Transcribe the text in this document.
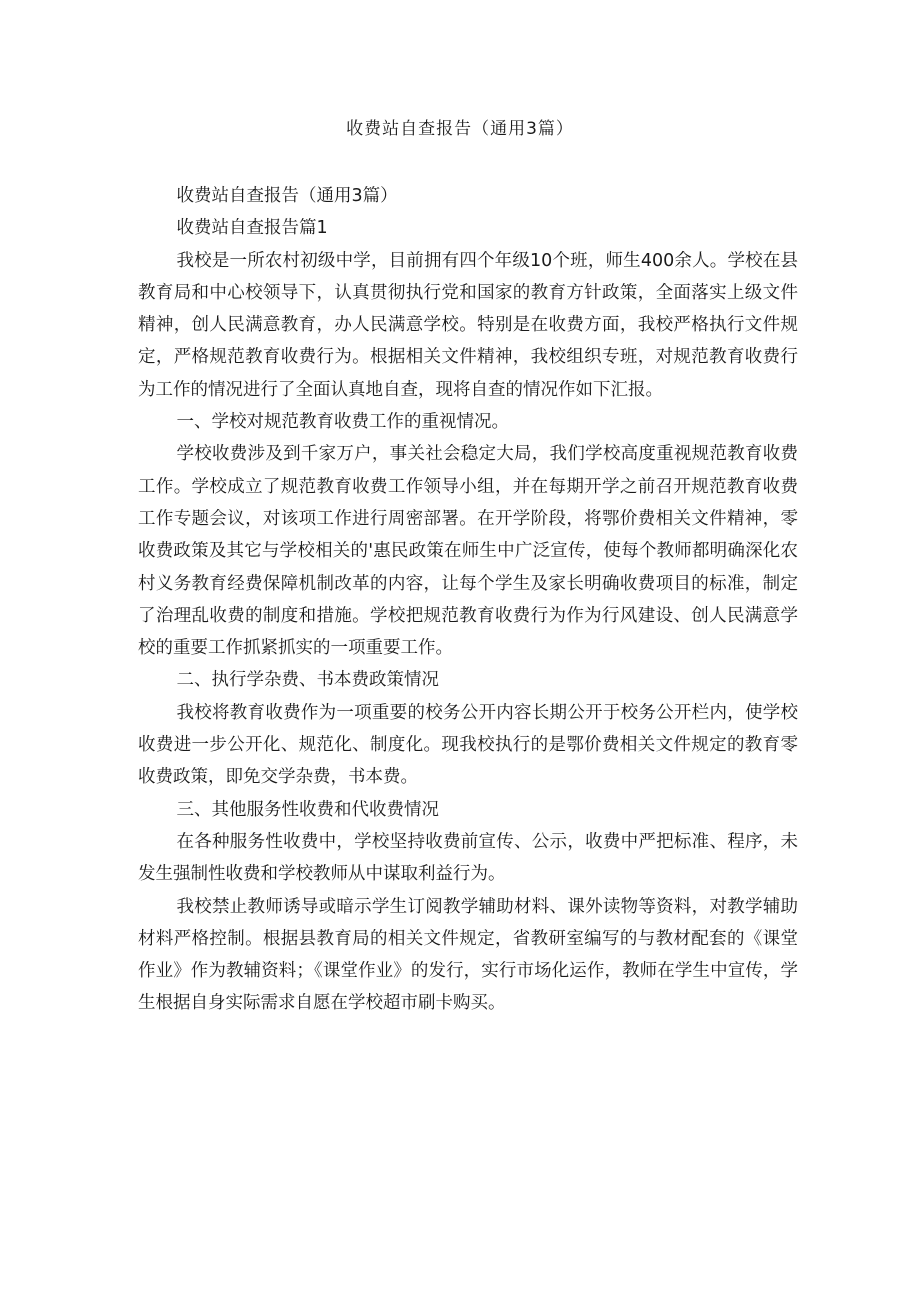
收费站自查报告（通用3篇）

收费站自查报告（通用3篇）

收费站自查报告篇1

我校是一所农村初级中学，目前拥有四个年级10个班，师生400余人。学校在县教育局和中心校领导下，认真贯彻执行党和国家的教育方针政策，全面落实上级文件精神，创人民满意教育，办人民满意学校。特别是在收费方面，我校严格执行文件规定，严格规范教育收费行为。根据相关文件精神，我校组织专班，对规范教育收费行为工作的情况进行了全面认真地自查，现将自查的情况作如下汇报。

一、学校对规范教育收费工作的重视情况。

学校收费涉及到千家万户，事关社会稳定大局，我们学校高度重视规范教育收费工作。学校成立了规范教育收费工作领导小组，并在每期开学之前召开规范教育收费工作专题会议，对该项工作进行周密部署。在开学阶段，将鄂价费相关文件精神，零收费政策及其它与学校相关的'惠民政策在师生中广泛宣传，使每个教师都明确深化农村义务教育经费保障机制改革的内容，让每个学生及家长明确收费项目的标准，制定了治理乱收费的制度和措施。学校把规范教育收费行为作为行风建设、创人民满意学校的重要工作抓紧抓实的一项重要工作。

二、执行学杂费、书本费政策情况

我校将教育收费作为一项重要的校务公开内容长期公开于校务公开栏内，使学校收费进一步公开化、规范化、制度化。现我校执行的是鄂价费相关文件规定的教育零收费政策，即免交学杂费，书本费。

三、其他服务性收费和代收费情况

在各种服务性收费中，学校坚持收费前宣传、公示，收费中严把标准、程序，未发生强制性收费和学校教师从中谋取利益行为。

我校禁止教师诱导或暗示学生订阅教学辅助材料、课外读物等资料，对教学辅助材料严格控制。根据县教育局的相关文件规定，省教研室编写的与教材配套的《课堂作业》作为教辅资料；《课堂作业》的发行，实行市场化运作，教师在学生中宣传，学生根据自身实际需求自愿在学校超市刷卡购买。
